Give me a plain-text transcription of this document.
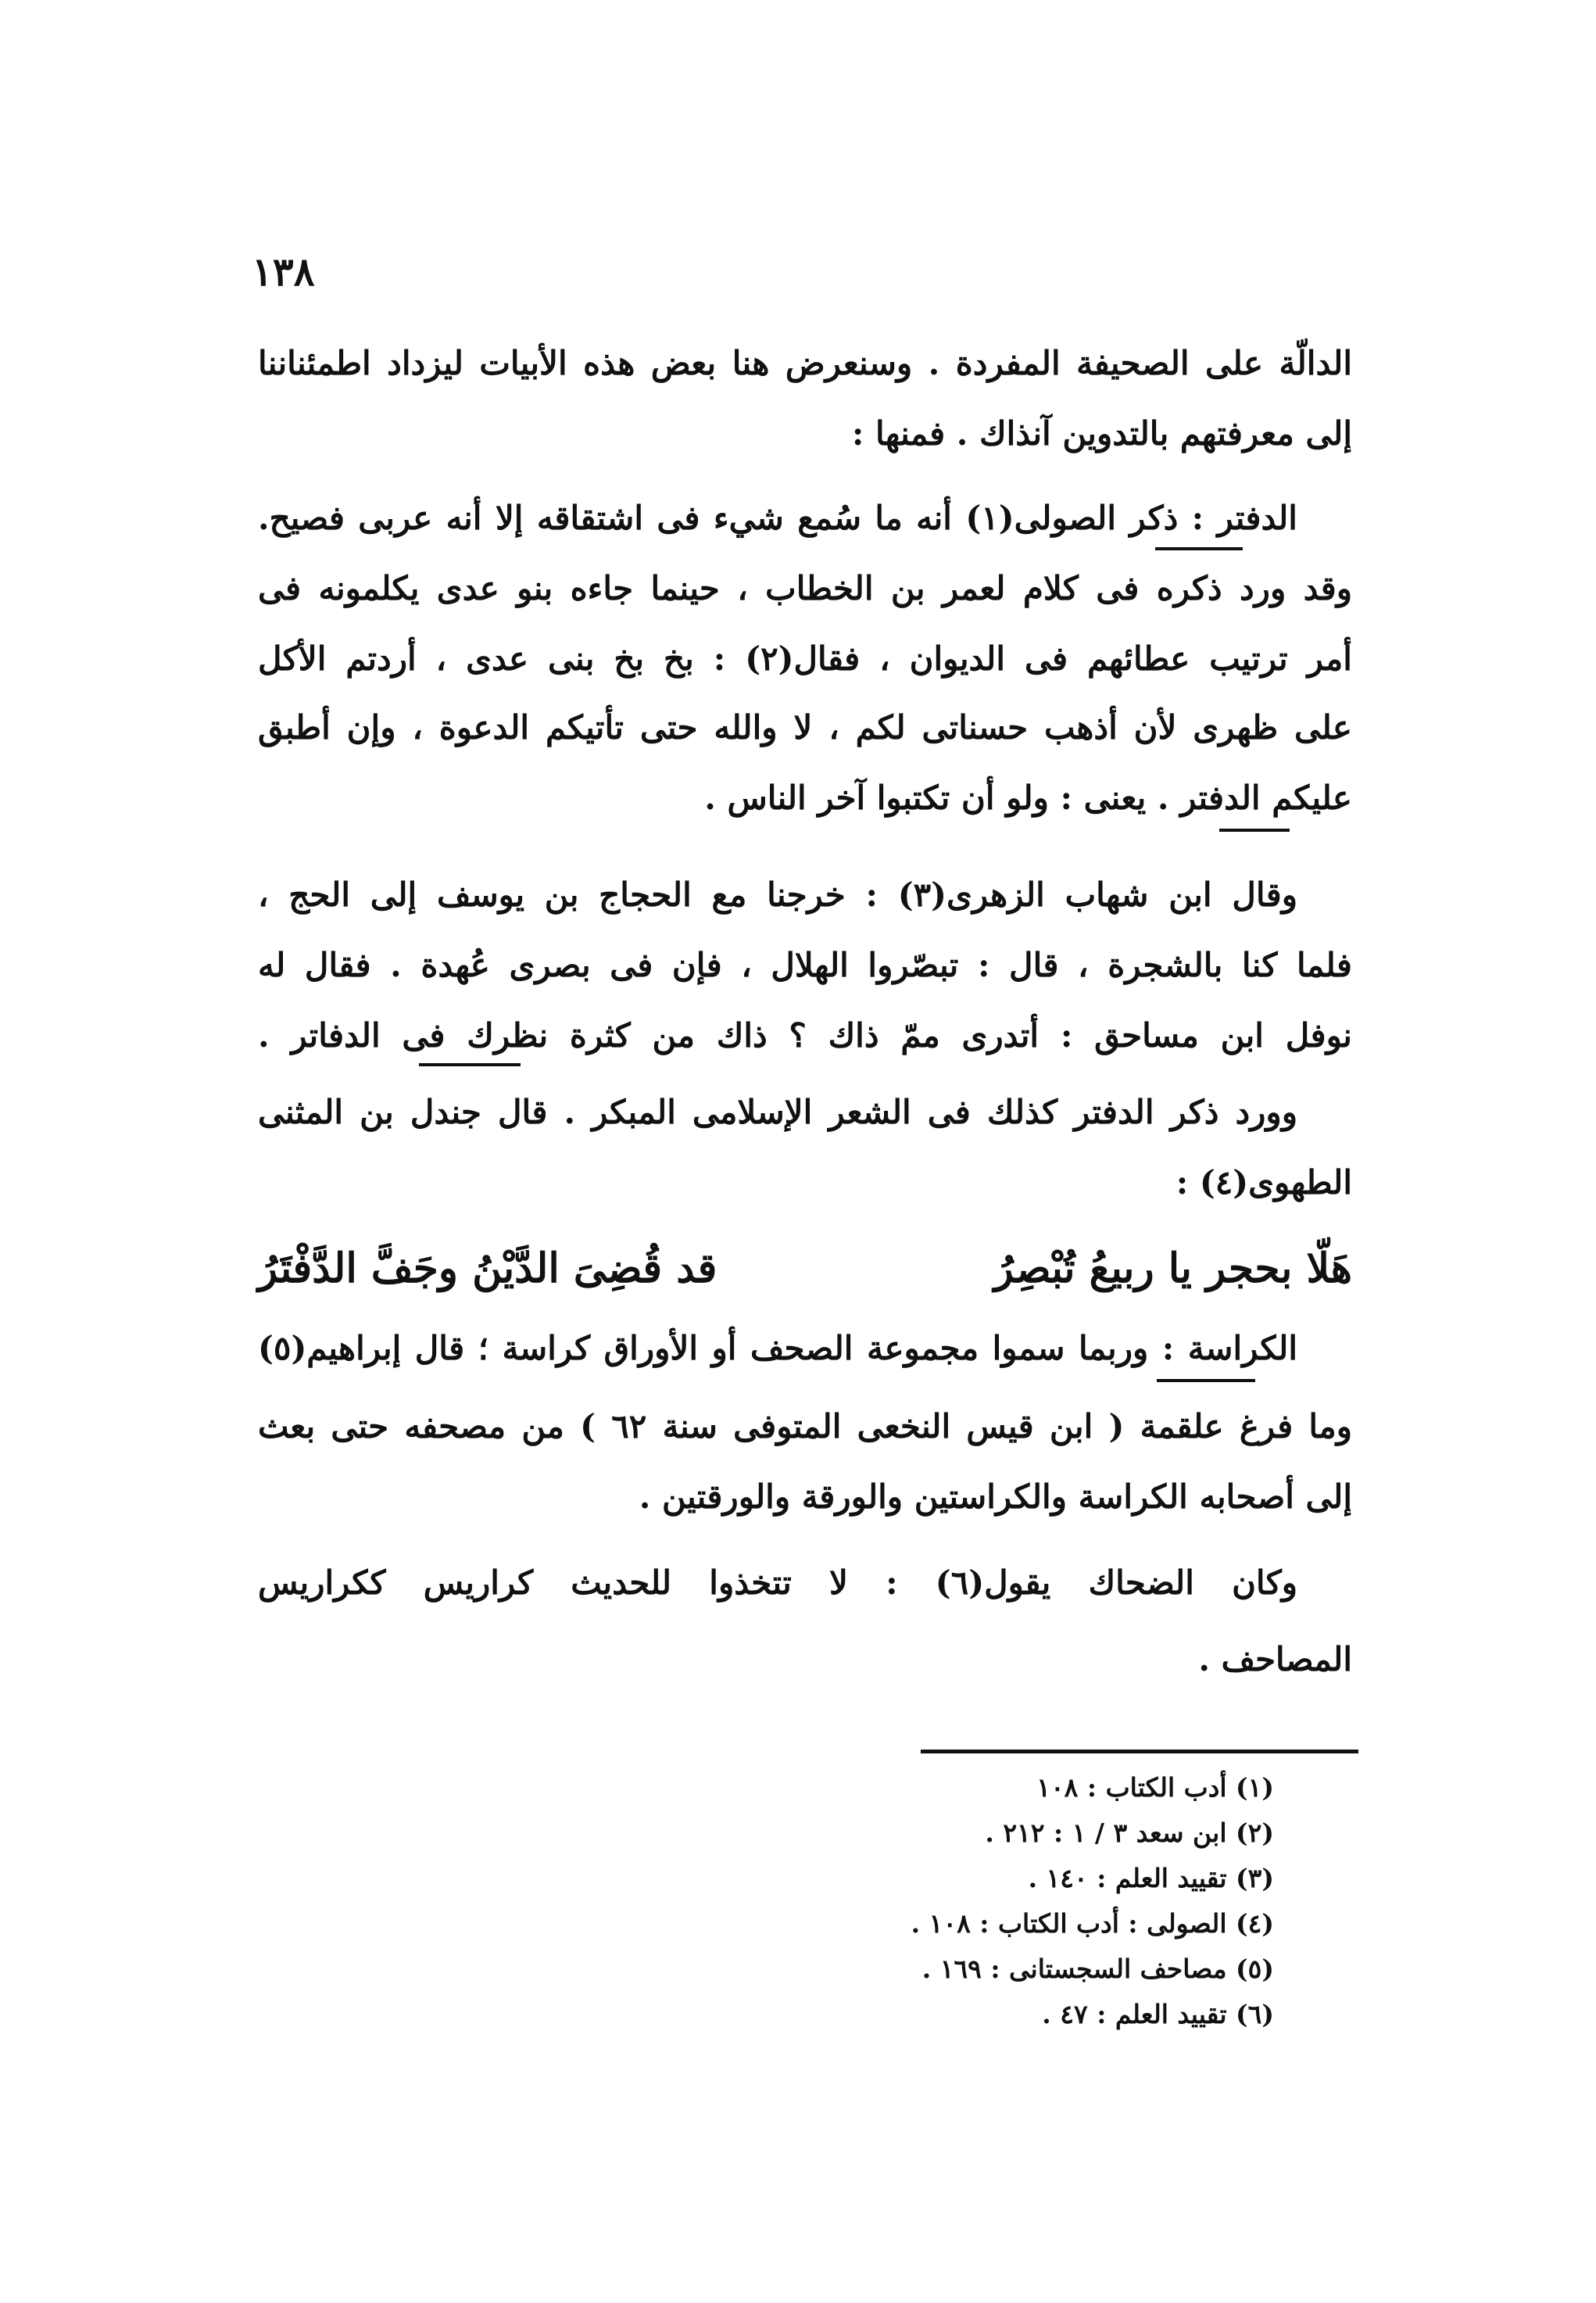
١٣٨
الدالّة على الصحيفة المفردة . وسنعرض هنا بعض هذه الأبيات ليزداد اطمئناننا
إلى معرفتهم بالتدوين آنذاك . فمنها :
الدفتر : ذكر الصولى(١) أنه ما سُمع شيء فى اشتقاقه إلا أنه عربى فصيح.
وقد ورد ذكره فى كلام لعمر بن الخطاب ، حينما جاءه بنو عدى يكلمونه فى
أمر ترتيب عطائهم فى الديوان ، فقال(٢) : بخ بخ بنى عدى ، أردتم الأكل
على ظهرى لأن أذهب حسناتى لكم ، لا والله حتى تأتيكم الدعوة ، وإن أطبق
عليكم الدفتر . يعنى : ولو أن تكتبوا آخر الناس .
وقال ابن شهاب الزهرى(٣) : خرجنا مع الحجاج بن يوسف إلى الحج ،
فلما كنا بالشجرة ، قال : تبصّروا الهلال ، فإن فى بصرى عُهدة . فقال له
نوفل ابن مساحق : أتدرى ممّ ذاك ؟ ذاك من كثرة نظرك فى الدفاتر .
وورد ذكر الدفتر كذلك فى الشعر الإسلامى المبكر . قال جندل بن المثنى
الطهوى(٤) :
هَلّا بحجر يا ربيعُ تُبْصِرُ
قد قُضِىَ الدَّيْنُ وجَفَّ الدَّفْتَرُ
الكراسة : وربما سموا مجموعة الصحف أو الأوراق كراسة ؛ قال إبراهيم(٥)
وما فرغ علقمة ( ابن قيس النخعى المتوفى سنة ٦٢ ) من مصحفه حتى بعث
إلى أصحابه الكراسة والكراستين والورقة والورقتين .
وكان الضحاك يقول(٦) : لا تتخذوا للحديث كراريس ككراريس
المصاحف .
(١) أدب الكتاب : ١٠٨
(٢) ابن سعد ٣ / ١ : ٢١٢ .
(٣) تقييد العلم : ١٤٠ .
(٤) الصولى : أدب الكتاب : ١٠٨ .
(٥) مصاحف السجستانى : ١٦٩ .
(٦) تقييد العلم : ٤٧ .
